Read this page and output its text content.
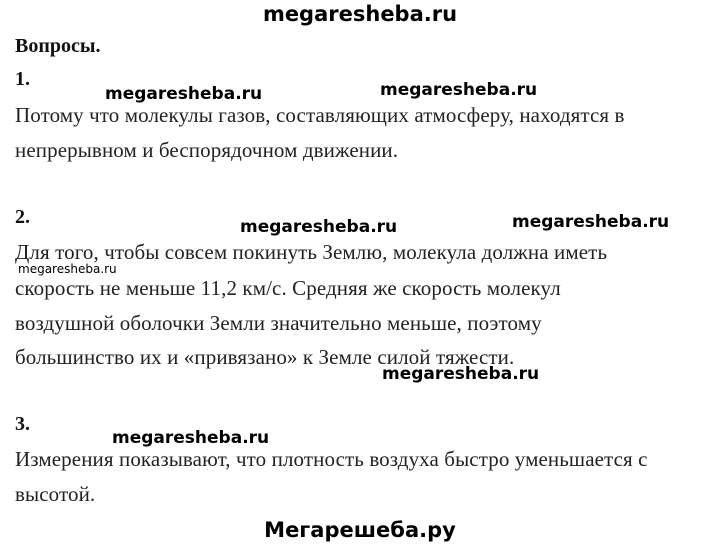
megaresheba.ru
Вопросы.
1.
Потому что молекулы газов, составляющих атмосферу, находятся в
непрерывном и беспорядочном движении.
2.
Для того, чтобы совсем покинуть Землю, молекула должна иметь
скорость не меньше 11,2 км/с. Средняя же скорость молекул
воздушной оболочки Земли значительно меньше, поэтому
большинство их и «привязано» к Земле силой тяжести.
3.
Измерения показывают, что плотность воздуха быстро уменьшается с
высотой.
megaresheba.ru	megaresheba.ru
megaresheba.ru	megaresheba.ru
megaresheba.ru
megaresheba.ru
megaresheba.ru
Мегарешеба.ру
